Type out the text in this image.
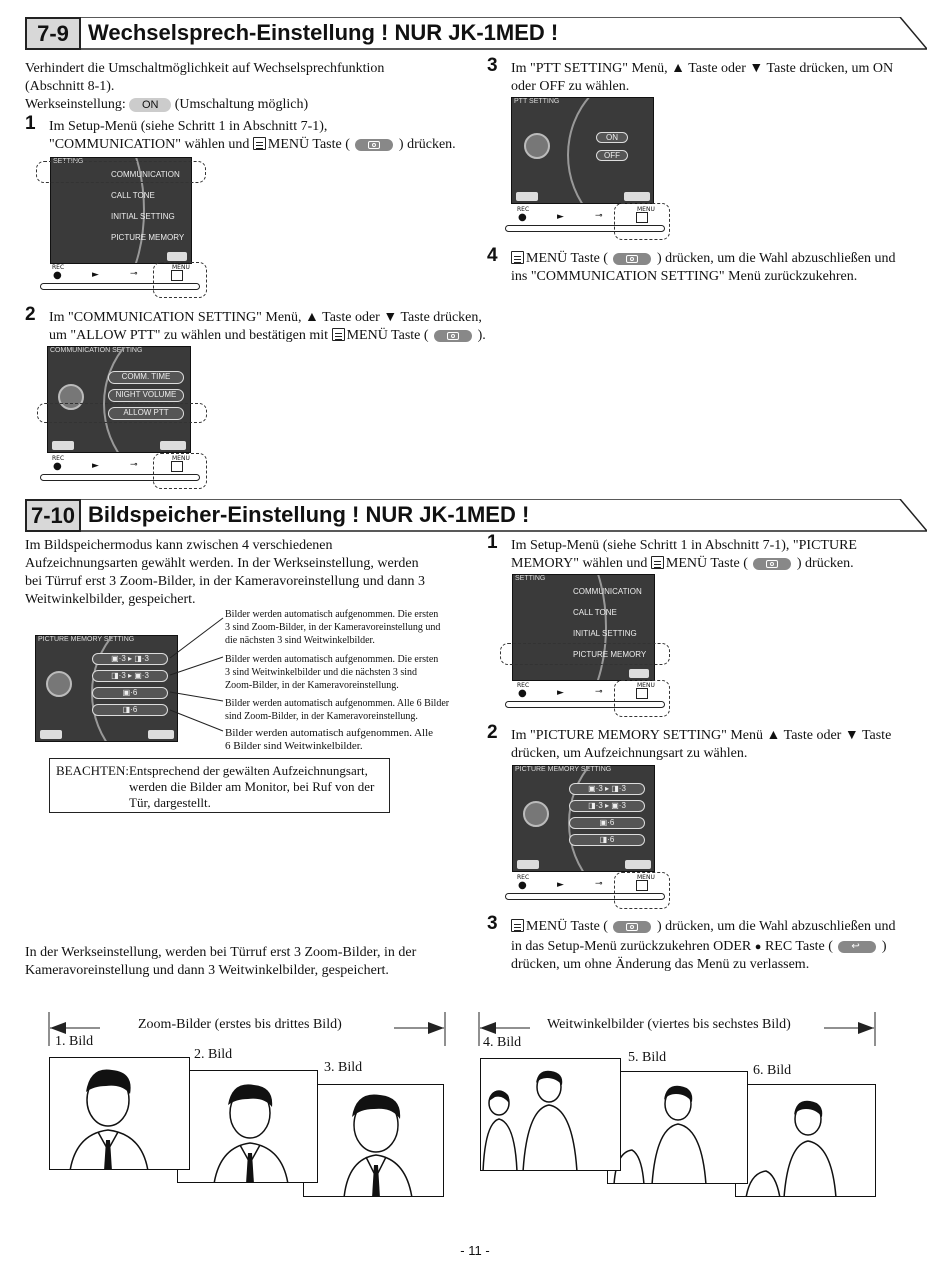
7-9 Wechselsprech-Einstellung ! NUR JK-1MED !
Verhindert die Umschaltmöglichkeit auf Wechselsprechfunktion
(Abschnitt 8-1).
Werkseinstellung: ON (Umschaltung möglich)
1 Im Setup-Menü (siehe Schritt 1 in Abschnitt 7-1),
"COMMUNICATION" wählen und MENÜ Taste (	) drücken.
SETTING
COMMUNICATION
CALL TONE
INITIAL SETTING
PICTURE MEMORY
REC
●	►	⊸
MENU
2 Im "COMMUNICATION SETTING" Menü, ▲ Taste oder ▼ Taste drücken,
um "ALLOW PTT" zu wählen und bestätigen mit MENÜ Taste (	).
COMMUNICATION SETTING
COMM. TIME
NIGHT VOLUME
ALLOW PTT
REC
●	►	⊸
MENU
3 Im "PTT SETTING" Menü, ▲ Taste oder ▼ Taste drücken, um ON
oder OFF zu wählen.
PTT SETTING
ON
OFF
REC
●	►	⊸
MENU
4	MENÜ Taste (	) drücken, um die Wahl abzuschließen und
ins "COMMUNICATION SETTING" Menü zurückzukehren.
7-10 Bildspeicher-Einstellung ! NUR JK-1MED !
Im Bildspeichermodus kann zwischen 4 verschiedenen
Aufzeichnungsarten gewählt werden. In der Werkseinstellung, werden
bei Türruf erst 3 Zoom-Bilder, in der Kameravoreinstellung und dann 3
Weitwinkelbilder, gespeichert.
PICTURE MEMORY SETTING
▣·3 ▸ ◨·3
◨·3 ▸ ▣·3
▣·6
◨·6
Bilder werden automatisch aufgenommen. Die ersten
3 sind Zoom-Bilder, in der Kameravoreinstellung und
die nächsten 3 sind Weitwinkelbilder.
Bilder werden automatisch aufgenommen. Die ersten
3 sind Weitwinkelbilder und die nächsten 3 sind
Zoom-Bilder, in der Kameravoreinstellung.
Bilder werden automatisch aufgenommen. Alle 6 Bilder
sind Zoom-Bilder, in der Kameravoreinstellung.
Bilder werden automatisch aufgenommen. Alle
6 Bilder sind Weitwinkelbilder.
BEACHTEN:Entsprechend der gewälten Aufzeichnungsart,
werden die Bilder am Monitor, bei Ruf von der
Tür, dargestellt.
1 Im Setup-Menü (siehe Schritt 1 in Abschnitt 7-1), "PICTURE
MEMORY" wählen und MENÜ Taste (	) drücken.
SETTING
COMMUNICATION
CALL TONE
INITIAL SETTING
PICTURE MEMORY
REC
●	►	⊸
MENU
2 Im "PICTURE MEMORY SETTING" Menü ▲ Taste oder ▼ Taste
drücken, um Aufzeichnungsart zu wählen.
PICTURE MEMORY SETTING
▣·3 ▸ ◨·3
◨·3 ▸ ▣·3
▣·6
◨·6
REC
●	►	⊸
MENU
3	MENÜ Taste (	) drücken, um die Wahl abzuschließen und
in das Setup-Menü zurückzukehren ODER ● REC Taste ( ↩ )
drücken, um ohne Änderung das Menü zu verlassem.
In der Werkseinstellung, werden bei Türruf erst 3 Zoom-Bilder, in der
Kameravoreinstellung und dann 3 Weitwinkelbilder, gespeichert.
Zoom-Bilder (erstes bis drittes Bild)	Weitwinkelbilder (viertes bis sechstes Bild)
1. Bild
2. Bild
3. Bild
4. Bild
5. Bild
6. Bild
- 11 -
